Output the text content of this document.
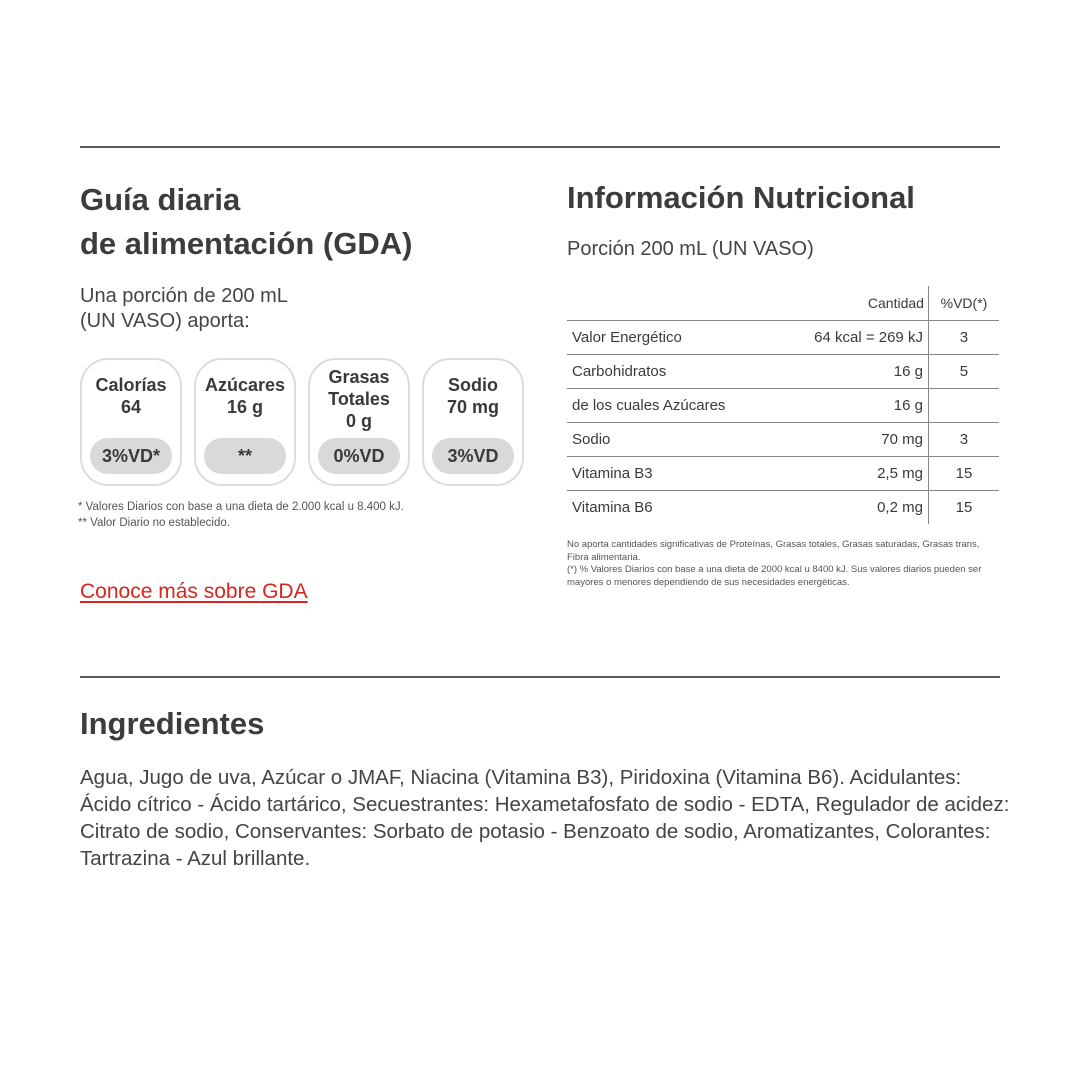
Guía diaria
de alimentación (GDA)
Una porción de 200 mL
(UN VASO) aporta:
Calorías
64
3%VD*
Azúcares
16 g
**
Grasas
Totales
0 g
0%VD
Sodio
70 mg
3%VD
* Valores Diarios con base a una dieta de 2.000 kcal u 8.400 kJ.
** Valor Diario no establecido.
Conoce más sobre GDA
Información Nutricional
Porción 200 mL (UN VASO)
	Cantidad	%VD(*)
Valor Energético	64 kcal = 269 kJ	3
Carbohidratos	16 g	5
de los cuales Azúcares	16 g	
Sodio	70 mg	3
Vitamina B3	2,5 mg	15
Vitamina B6	0,2 mg	15
No aporta cantidades significativas de Proteínas, Grasas totales, Grasas saturadas, Grasas trans, Fibra alimentaria.
(*) % Valores Diarios con base a una dieta de 2000 kcal u 8400 kJ. Sus valores diarios pueden ser mayores o menores dependiendo de sus necesidades energéticas.
Ingredientes
Agua, Jugo de uva, Azúcar o JMAF, Niacina (Vitamina B3), Piridoxina (Vitamina B6). Acidulantes: Ácido cítrico - Ácido tartárico, Secuestrantes: Hexametafosfato de sodio - EDTA, Regulador de acidez: Citrato de sodio, Conservantes: Sorbato de potasio - Benzoato de sodio, Aromatizantes, Colorantes: Tartrazina - Azul brillante.
